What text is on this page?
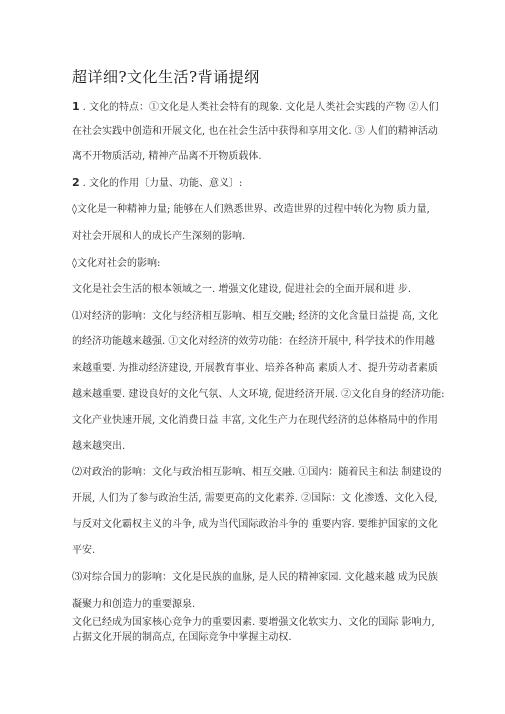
超详细?文化生活?背诵提纲
1 . 文化的特点：①文化是人类社会特有的现象. 文化是人类社会实践的产物 ②人们
在社会实践中创造和开展文化, 也在社会生活中获得和享用文化. ③ 人们的精神活动
离不开物质活动, 精神产品离不开物质载体.
2 . 文化的作用〔力量、功能、意义〕:
◊文化是一种精神力量; 能够在人们熟悉世界、改造世界的过程中转化为物 质力量,
对社会开展和人的成长产生深刻的影响.
◊文化对社会的影响:
文化是社会生活的根本领域之一. 增强文化建设, 促进社会的全面开展和进 步.
⑴对经济的影响：文化与经济相互影响、相互交融; 经济的文化含量日益提 高, 文化
的经济功能越来越强. ①文化对经济的效劳功能：在经济开展中, 科学技术的作用越
来越重要. 为推动经济建设, 开展教育事业、培养各种高 素质人才、提升劳动者素质
越来越重要. 建设良好的文化气氛、人文环境, 促进经济开展. ②文化自身的经济功能:
文化产业快速开展, 文化消费日益 丰富, 文化生产力在现代经济的总体格局中的作用
越来越突出.
⑵对政治的影响：文化与政治相互影响、相互交融. ①国内：随着民主和法 制建设的
开展, 人们为了参与政治生活, 需要更高的文化素养. ②国际：文 化渗透、文化入侵,
与反对文化霸权主义的斗争, 成为当代国际政治斗争的 重要内容. 要维护国家的文化
平安.
⑶对综合国力的影响：文化是民族的血脉, 是人民的精神家园. 文化越来越 成为民族
凝聚力和创造力的重要源泉.
文化已经成为国家核心竞争力的重要因素. 要增强文化软实力、文化的国际 影响力,
占据文化开展的制高点, 在国际竞争中掌握主动权.
